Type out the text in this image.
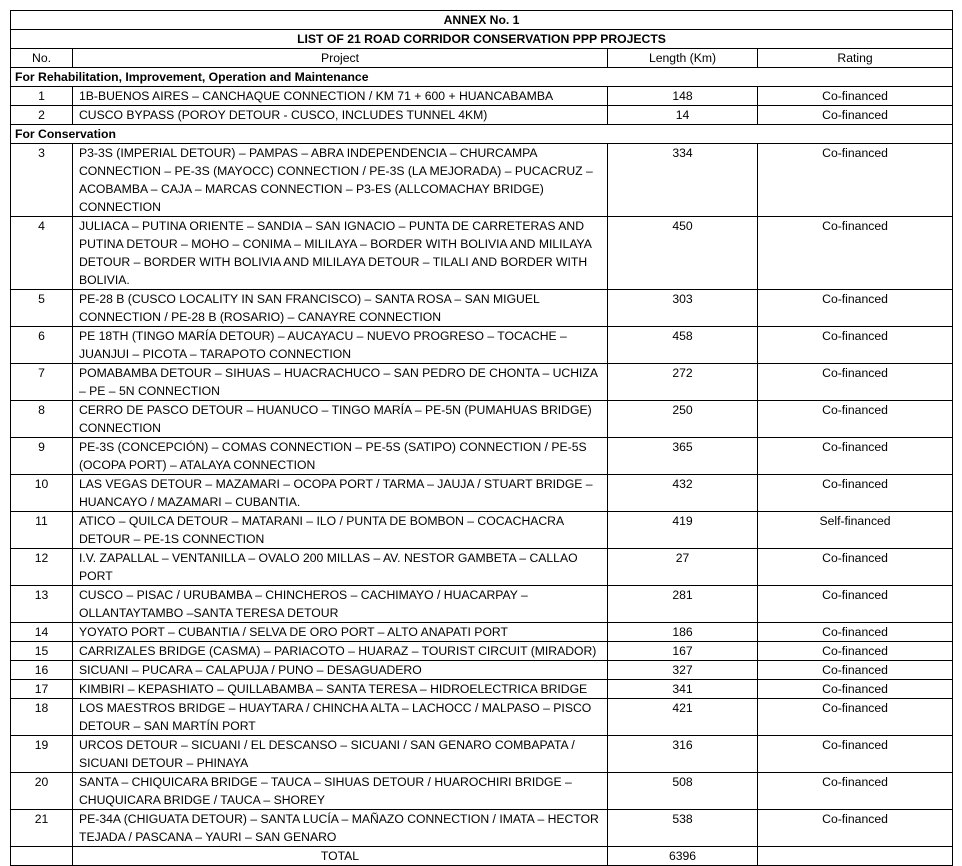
ANNEX No. 1			
LIST OF 21 ROAD CORRIDOR CONSERVATION PPP PROJECTS			
No.	Project	Length (Km)	Rating
For Rehabilitation, Improvement, Operation and Maintenance			
1	1B-BUENOS AIRES – CANCHAQUE CONNECTION / KM 71 + 600 + HUANCABAMBA	148	Co-financed
2	CUSCO BYPASS (POROY DETOUR - CUSCO, INCLUDES TUNNEL 4KM)	14	Co-financed
For Conservation			
3	P3-3S (IMPERIAL DETOUR) – PAMPAS – ABRA INDEPENDENCIA – CHURCAMPA CONNECTION – PE-3S (MAYOCC) CONNECTION / PE-3S (LA MEJORADA) – PUCACRUZ – ACOBAMBA – CAJA – MARCAS CONNECTION – P3-ES (ALLCOMACHAY BRIDGE) CONNECTION	334	Co-financed
4	JULIACA – PUTINA ORIENTE – SANDIA – SAN IGNACIO – PUNTA DE CARRETERAS AND PUTINA DETOUR – MOHO – CONIMA – MILILAYA – BORDER WITH BOLIVIA AND MILILAYA DETOUR – BORDER WITH BOLIVIA AND MILILAYA DETOUR – TILALI AND BORDER WITH BOLIVIA.	450	Co-financed
5	PE-28 B (CUSCO LOCALITY IN SAN FRANCISCO) – SANTA ROSA – SAN MIGUEL CONNECTION / PE-28 B (ROSARIO) – CANAYRE CONNECTION	303	Co-financed
6	PE 18TH (TINGO MARÍA DETOUR) – AUCAYACU – NUEVO PROGRESO – TOCACHE – JUANJUI – PICOTA – TARAPOTO CONNECTION	458	Co-financed
7	POMABAMBA DETOUR – SIHUAS – HUACRACHUCO – SAN PEDRO DE CHONTA – UCHIZA – PE – 5N CONNECTION	272	Co-financed
8	CERRO DE PASCO DETOUR – HUANUCO – TINGO MARÍA – PE-5N (PUMAHUAS BRIDGE) CONNECTION	250	Co-financed
9	PE-3S (CONCEPCIÓN) – COMAS CONNECTION – PE-5S (SATIPO) CONNECTION / PE-5S (OCOPA PORT) – ATALAYA CONNECTION	365	Co-financed
10	LAS VEGAS DETOUR – MAZAMARI – OCOPA PORT / TARMA – JAUJA / STUART BRIDGE – HUANCAYO / MAZAMARI – CUBANTIA.	432	Co-financed
11	ATICO – QUILCA DETOUR – MATARANI – ILO / PUNTA DE BOMBON – COCACHACRA DETOUR – PE-1S CONNECTION	419	Self-financed
12	I.V. ZAPALLAL – VENTANILLA – OVALO 200 MILLAS – AV. NESTOR GAMBETA – CALLAO PORT	27	Co-financed
13	CUSCO – PISAC / URUBAMBA – CHINCHEROS – CACHIMAYO / HUACARPAY – OLLANTAYTAMBO –SANTA TERESA DETOUR	281	Co-financed
14	YOYATO PORT – CUBANTIA / SELVA DE ORO PORT – ALTO ANAPATI PORT	186	Co-financed
15	CARRIZALES BRIDGE (CASMA) – PARIACOTO – HUARAZ – TOURIST CIRCUIT (MIRADOR)	167	Co-financed
16	SICUANI – PUCARA – CALAPUJA / PUNO – DESAGUADERO	327	Co-financed
17	KIMBIRI – KEPASHIATO – QUILLABAMBA – SANTA TERESA – HIDROELECTRICA BRIDGE	341	Co-financed
18	LOS MAESTROS BRIDGE – HUAYTARA / CHINCHA ALTA – LACHOCC / MALPASO – PISCO DETOUR – SAN MARTÍN PORT	421	Co-financed
19	URCOS DETOUR – SICUANI / EL DESCANSO – SICUANI / SAN GENARO COMBAPATA / SICUANI DETOUR – PHINAYA	316	Co-financed
20	SANTA – CHIQUICARA BRIDGE – TAUCA – SIHUAS DETOUR / HUAROCHIRI BRIDGE – CHUQUICARA BRIDGE / TAUCA – SHOREY	508	Co-financed
21	PE-34A (CHIGUATA DETOUR) – SANTA LUCÍA – MAÑAZO CONNECTION / IMATA – HECTOR TEJADA / PASCANA – YAURI – SAN GENARO	538	Co-financed
	TOTAL	6396	
